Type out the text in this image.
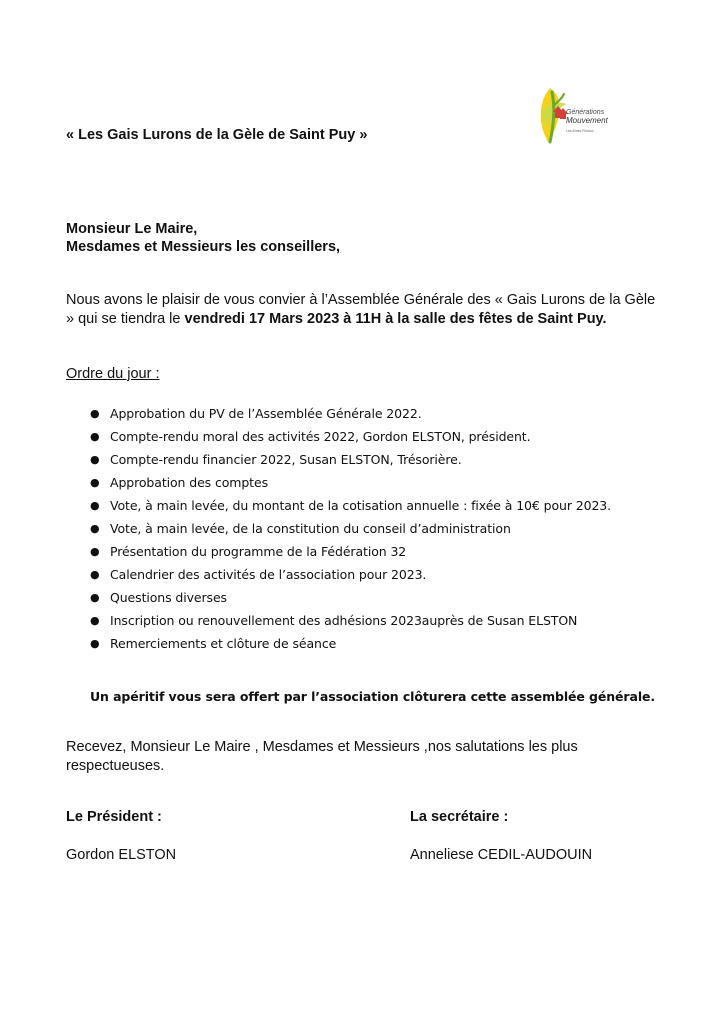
Générations
Mouvement
Les Aînés Ruraux
« Les Gais Lurons de la Gèle de Saint Puy »
Monsieur Le Maire,
Mesdames et Messieurs les conseillers,
Nous avons le plaisir de vous convier à l’Assemblée Générale des « Gais Lurons de la Gèle » qui se tiendra le vendredi 17 Mars 2023 à 11H à la salle des fêtes de Saint Puy.
Ordre du jour :
● Approbation du PV de l’Assemblée Générale 2022.
● Compte-rendu moral des activités 2022, Gordon ELSTON, président.
● Compte-rendu financier 2022, Susan ELSTON, Trésorière.
● Approbation des comptes
● Vote, à main levée, du montant de la cotisation annuelle : fixée à 10€ pour 2023.
● Vote, à main levée, de la constitution du conseil d’administration
● Présentation du programme de la Fédération 32
● Calendrier des activités de l’association pour 2023.
● Questions diverses
● Inscription ou renouvellement des adhésions 2023auprès de Susan ELSTON
● Remerciements et clôture de séance
Un apéritif vous sera offert par l’association clôturera cette assemblée générale.
Recevez, Monsieur Le Maire , Mesdames et Messieurs ,nos salutations les plus respectueuses.
Le Président :	La secrétaire :
Gordon ELSTON	Anneliese CEDIL-AUDOUIN
